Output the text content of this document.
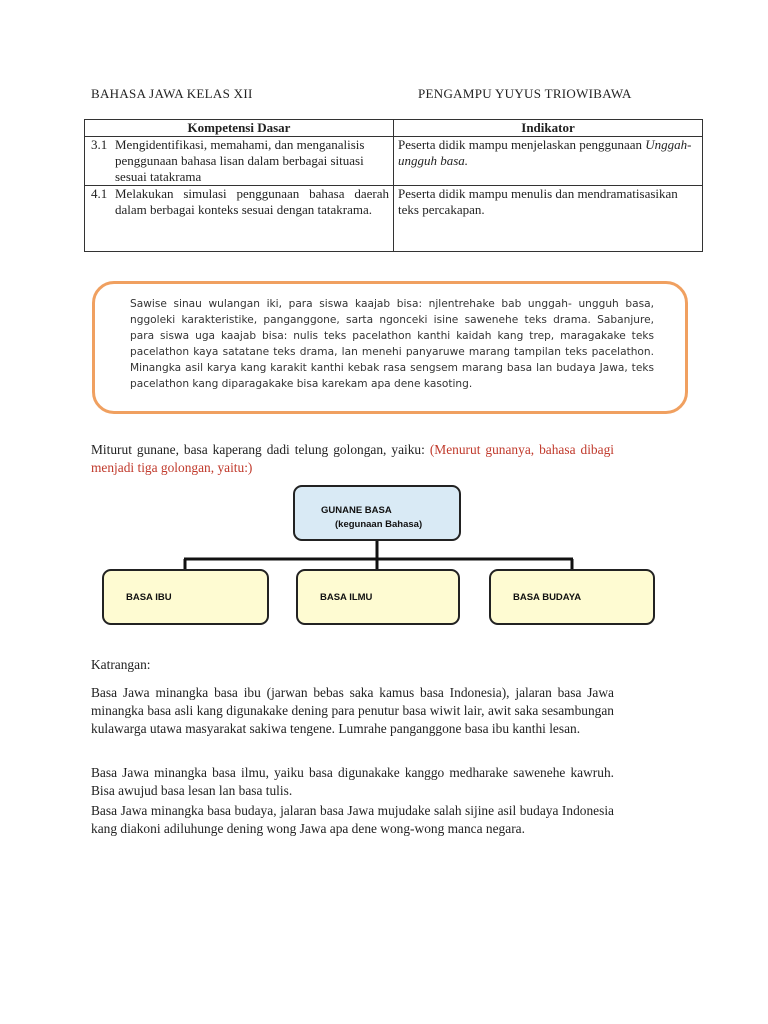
BAHASA JAWA KELAS XII	PENGAMPU YUYUS TRIOWIBAWA
Kompetensi Dasar	Indikator

3.1 Mengidentifikasi, memahami, dan menganalisis penggunaan bahasa lisan dalam berbagai situasi sesuai tatakrama	Peserta didik mampu menjelaskan penggunaan Unggah-ungguh basa.

4.1 Melakukan simulasi penggunaan bahasa daerah dalam berbagai konteks sesuai dengan tatakrama.	Peserta didik mampu menulis dan mendramatisasikan teks percakapan.
Sawise sinau wulangan iki, para siswa kaajab bisa: njlentrehake bab unggah- ungguh basa, nggoleki karakteristike, panganggone, sarta ngonceki isine sawenehe teks drama. Sabanjure, para siswa uga kaajab bisa: nulis teks pacelathon kanthi kaidah kang trep, maragakake teks pacelathon kaya satatane teks drama, lan menehi panyaruwe marang tampilan teks pacelathon. Minangka asil karya kang karakit kanthi kebak rasa sengsem marang basa lan budaya Jawa, teks pacelathon kang diparagakake bisa karekam apa dene kasoting.
Miturut gunane, basa kaperang dadi telung golongan, yaiku: (Menurut gunanya, bahasa dibagi menjadi tiga golongan, yaitu:)
GUNANE BASA
(kegunaan Bahasa)
BASA IBU	BASA ILMU	BASA BUDAYA
Katrangan:
Basa Jawa minangka basa ibu (jarwan bebas saka kamus basa Indonesia), jalaran basa Jawa minangka basa asli kang digunakake dening para penutur basa wiwit lair, awit saka sesambungan kulawarga utawa masyarakat sakiwa tengene. Lumrahe panganggone basa ibu kanthi lesan.
Basa Jawa minangka basa ilmu, yaiku basa digunakake kanggo medharake sawenehe kawruh. Bisa awujud basa lesan lan basa tulis.
Basa Jawa minangka basa budaya, jalaran basa Jawa mujudake salah sijine asil budaya Indonesia kang diakoni adiluhunge dening wong Jawa apa dene wong-wong manca negara.
